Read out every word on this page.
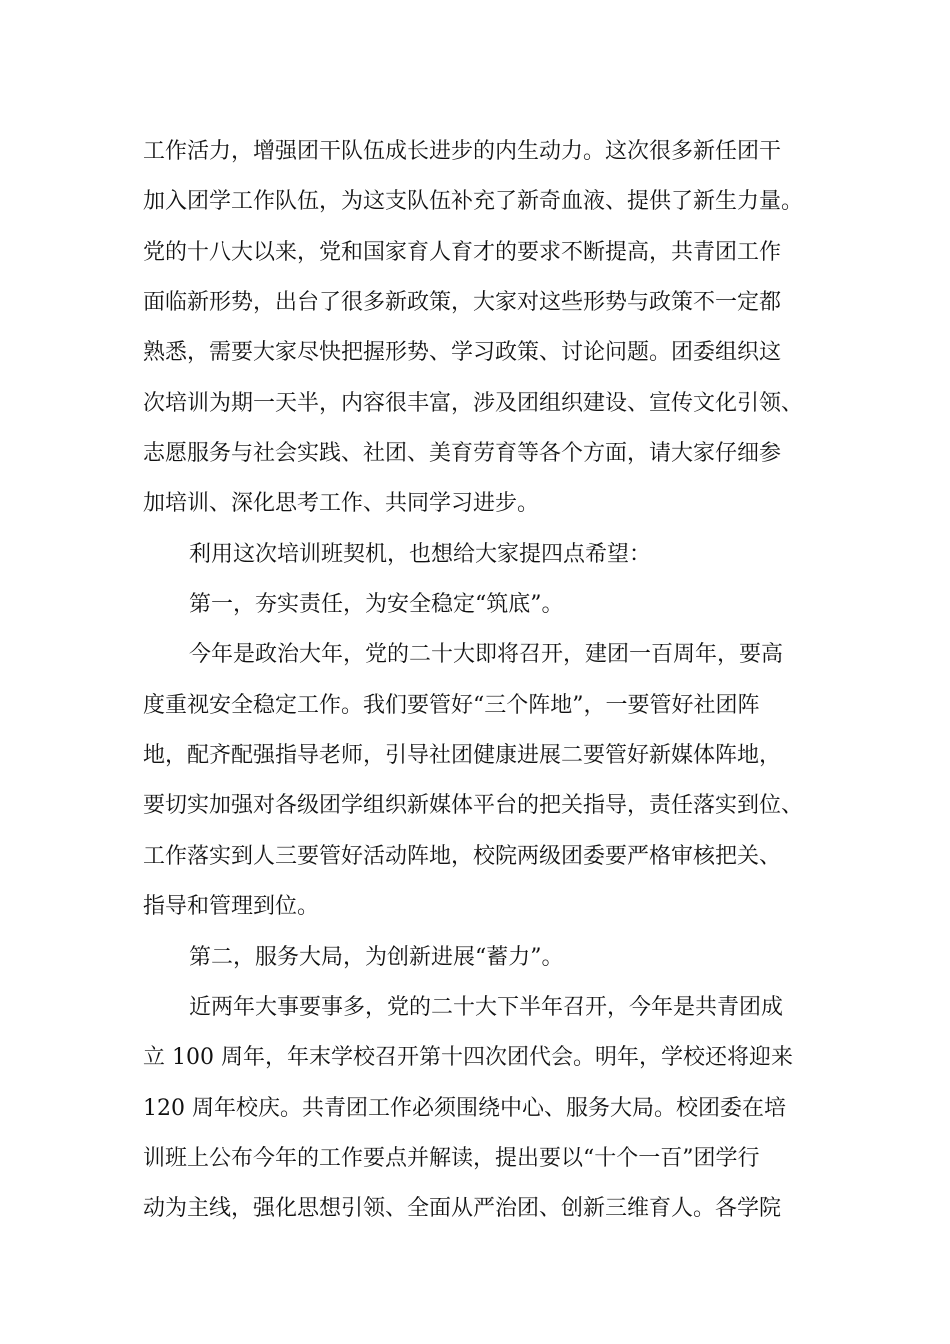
工作活力，增强团干队伍成长进步的内生动力。这次很多新任团干
加入团学工作队伍，为这支队伍补充了新奇血液、提供了新生力量。
党的十八大以来，党和国家育人育才的要求不断提高，共青团工作
面临新形势，出台了很多新政策，大家对这些形势与政策不一定都
熟悉，需要大家尽快把握形势、学习政策、讨论问题。团委组织这
次培训为期一天半，内容很丰富，涉及团组织建设、宣传文化引领、
志愿服务与社会实践、社团、美育劳育等各个方面，请大家仔细参
加培训、深化思考工作、共同学习进步。
利用这次培训班契机，也想给大家提四点希望：
第一，夯实责任，为安全稳定“筑底”。
今年是政治大年，党的二十大即将召开，建团一百周年，要高
度重视安全稳定工作。我们要管好“三个阵地”，一要管好社团阵
地，配齐配强指导老师，引导社团健康进展二要管好新媒体阵地，
要切实加强对各级团学组织新媒体平台的把关指导，责任落实到位、
工作落实到人三要管好活动阵地，校院两级团委要严格审核把关、
指导和管理到位。
第二，服务大局，为创新进展“蓄力”。
近两年大事要事多，党的二十大下半年召开，今年是共青团成
立 100 周年，年末学校召开第十四次团代会。明年，学校还将迎来
120 周年校庆。共青团工作必须围绕中心、服务大局。校团委在培
训班上公布今年的工作要点并解读，提出要以“十个一百”团学行
动为主线，强化思想引领、全面从严治团、创新三维育人。各学院
